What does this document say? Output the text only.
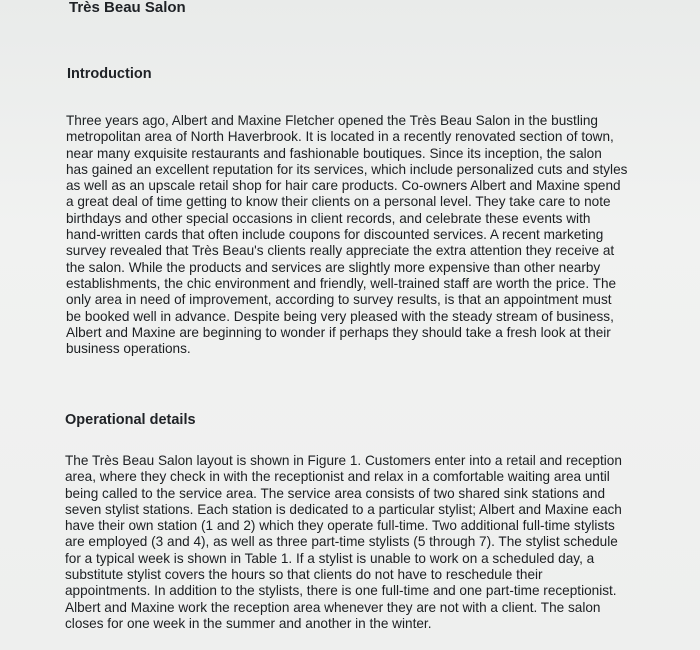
Très Beau Salon
Introduction
Three years ago, Albert and Maxine Fletcher opened the Très Beau Salon in the bustling
metropolitan area of North Haverbrook. It is located in a recently renovated section of town,
near many exquisite restaurants and fashionable boutiques. Since its inception, the salon
has gained an excellent reputation for its services, which include personalized cuts and styles
as well as an upscale retail shop for hair care products. Co-owners Albert and Maxine spend
a great deal of time getting to know their clients on a personal level. They take care to note
birthdays and other special occasions in client records, and celebrate these events with
hand-written cards that often include coupons for discounted services. A recent marketing
survey revealed that Très Beau's clients really appreciate the extra attention they receive at
the salon. While the products and services are slightly more expensive than other nearby
establishments, the chic environment and friendly, well-trained staff are worth the price. The
only area in need of improvement, according to survey results, is that an appointment must
be booked well in advance. Despite being very pleased with the steady stream of business,
Albert and Maxine are beginning to wonder if perhaps they should take a fresh look at their
business operations.
Operational details
The Très Beau Salon layout is shown in Figure 1. Customers enter into a retail and reception
area, where they check in with the receptionist and relax in a comfortable waiting area until
being called to the service area. The service area consists of two shared sink stations and
seven stylist stations. Each station is dedicated to a particular stylist; Albert and Maxine each
have their own station (1 and 2) which they operate full-time. Two additional full-time stylists
are employed (3 and 4), as well as three part-time stylists (5 through 7). The stylist schedule
for a typical week is shown in Table 1. If a stylist is unable to work on a scheduled day, a
substitute stylist covers the hours so that clients do not have to reschedule their
appointments. In addition to the stylists, there is one full-time and one part-time receptionist.
Albert and Maxine work the reception area whenever they are not with a client. The salon
closes for one week in the summer and another in the winter.
